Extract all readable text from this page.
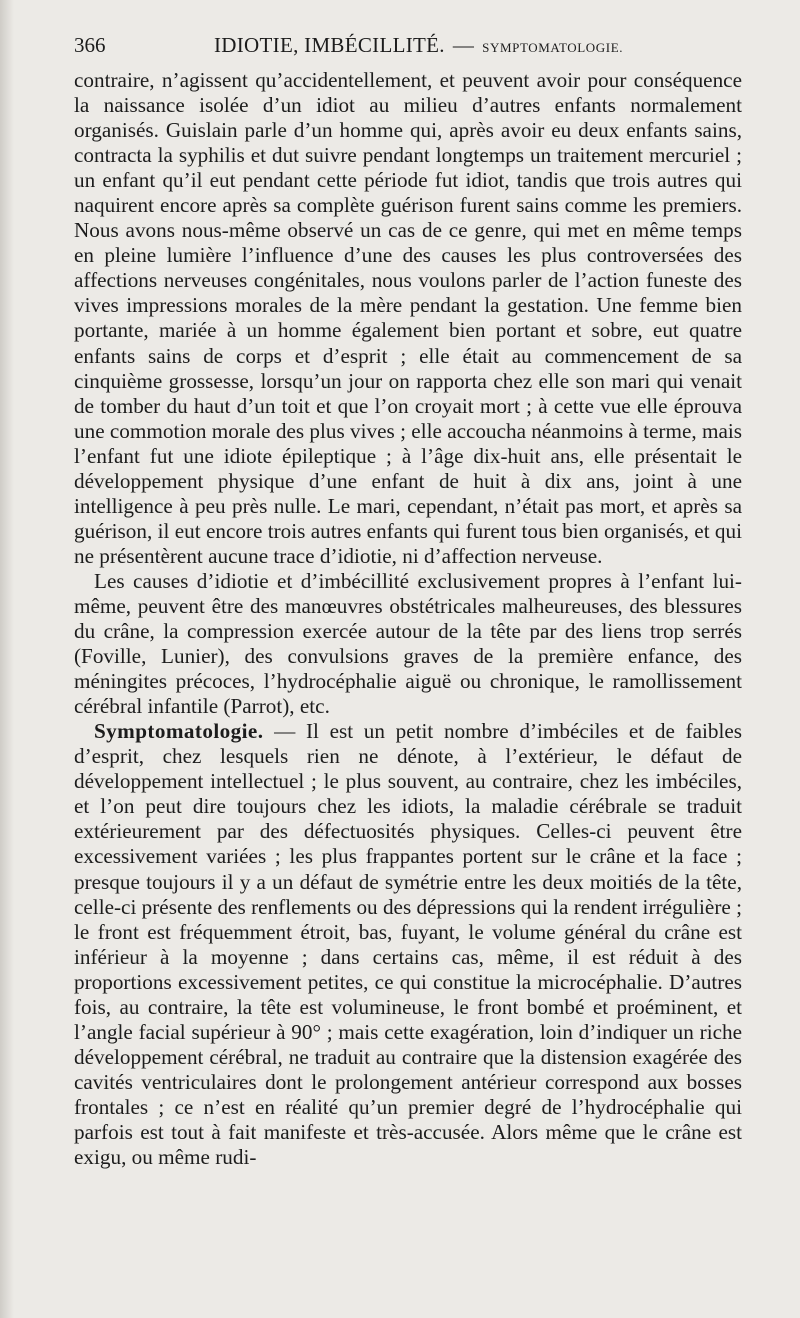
366	IDIOTIE, IMBÉCILLITÉ. — SYMPTOMATOLOGIE.

contraire, n’agissent qu’accidentellement, et peuvent avoir pour conséquence la naissance isolée d’un idiot au milieu d’autres enfants normalement organisés. Guislain parle d’un homme qui, après avoir eu deux enfants sains, contracta la syphilis et dut suivre pendant longtemps un traitement mercuriel ; un enfant qu’il eut pendant cette période fut idiot, tandis que trois autres qui naquirent encore après sa complète guérison furent sains comme les premiers. Nous avons nous-même observé un cas de ce genre, qui met en même temps en pleine lumière l’influence d’une des causes les plus controversées des affections nerveuses congénitales, nous voulons parler de l’action funeste des vives impressions morales de la mère pendant la gestation. Une femme bien portante, mariée à un homme également bien portant et sobre, eut quatre enfants sains de corps et d’esprit ; elle était au commencement de sa cinquième grossesse, lorsqu’un jour on rapporta chez elle son mari qui venait de tomber du haut d’un toit et que l’on croyait mort ; à cette vue elle éprouva une commotion morale des plus vives ; elle accoucha néanmoins à terme, mais l’enfant fut une idiote épileptique ; à l’âge dix-huit ans, elle présentait le développement physique d’une enfant de huit à dix ans, joint à une intelligence à peu près nulle. Le mari, cependant, n’était pas mort, et après sa guérison, il eut encore trois autres enfants qui furent tous bien organisés, et qui ne présentèrent aucune trace d’idiotie, ni d’affection nerveuse.

Les causes d’idiotie et d’imbécillité exclusivement propres à l’enfant lui-même, peuvent être des manœuvres obstétricales malheureuses, des blessures du crâne, la compression exercée autour de la tête par des liens trop serrés (Foville, Lunier), des convulsions graves de la première enfance, des méningites précoces, l’hydrocéphalie aiguë ou chronique, le ramollissement cérébral infantile (Parrot), etc.

Symptomatologie. — Il est un petit nombre d’imbéciles et de faibles d’esprit, chez lesquels rien ne dénote, à l’extérieur, le défaut de développement intellectuel ; le plus souvent, au contraire, chez les imbéciles, et l’on peut dire toujours chez les idiots, la maladie cérébrale se traduit extérieurement par des défectuosités physiques. Celles-ci peuvent être excessivement variées ; les plus frappantes portent sur le crâne et la face ; presque toujours il y a un défaut de symétrie entre les deux moitiés de la tête, celle-ci présente des renflements ou des dépressions qui la rendent irrégulière ; le front est fréquemment étroit, bas, fuyant, le volume général du crâne est inférieur à la moyenne ; dans certains cas, même, il est réduit à des proportions excessivement petites, ce qui constitue la microcéphalie. D’autres fois, au contraire, la tête est volumineuse, le front bombé et proéminent, et l’angle facial supérieur à 90° ; mais cette exagération, loin d’indiquer un riche développement cérébral, ne traduit au contraire que la distension exagérée des cavités ventriculaires dont le prolongement antérieur correspond aux bosses frontales ; ce n’est en réalité qu’un premier degré de l’hydrocéphalie qui parfois est tout à fait manifeste et très-accusée. Alors même que le crâne est exigu, ou même rudi-
